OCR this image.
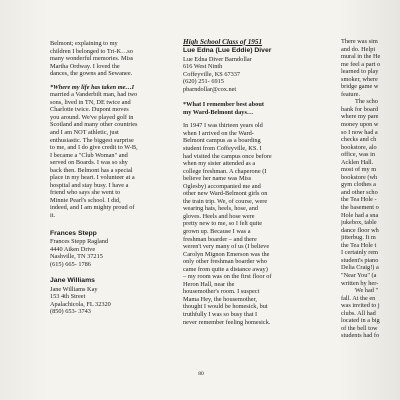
Belmont; explaining to my

children I belonged to Tri-K…so

many wonderful memories. Miss

Martha Ordway. I loved the

dances, the gowns and Sewanee.

*Where my life has taken me…I

married a Vanderbilt man, had two

sons, lived in TN, DE twice and

Charlotte twice. Dupont moves

you around. We've played golf in

Scotland and many other countries

and I am NOT athletic, just

enthusiastic. The biggest surprise

to me, and I do give credit to W-B,

I became a "Club Woman" and

served on Boards. I was so shy

back then. Belmont has a special

place in my heart. I volunteer at a

hospital and stay busy. I have a

friend who says she went to

Minnie Pearl's school. I did,

indeed, and I am mighty proud of

it.

Frances Stepp

Frances Stepp Ragland

4440 Aiken Drive

Nashville, TN 37215

(615) 665- 1786

Jane Williams

Jane Williams Kay

153 4th Street

Apalachicola, FL 32320

(850) 653- 3743

High School Class of 1951

Lue Edna (Lue Eddie) Diver

Lue Edna Diver Barndollar

616 West Ninth

Coffeyville, KS 67337

(620) 251- 6915

pbarndollar@cox.net

*What I remember best about

my Ward-Belmont days…

In 1947 I was thirteen years old

when I arrived on the Ward-

Belmont campus as a boarding

student from Coffeyville, KS. I

had visited the campus once before

when my sister attended as a

college freshman. A chaperone (I

believe her name was Miss

Oglesby) accompanied me and

other new Ward-Belmont girls on

the train trip. We, of course, were

wearing hats, heels, hose, and

gloves. Heels and hose were

pretty new to me, so I felt quite

grown up. Because I was a

freshman boarder – and there

weren't very many of us (I believe

Carolyn Mignon Emerson was the

only other freshman boarder who

came from quite a distance away)

– my room was on the first floor of

Heron Hall, near the

housemother's room. I suspect

Mama Hey, the housemother,

thought I would be homesick, but

truthfully I was so busy that I

never remember feeling homesick.

There was sim

and do. Helpi

mural in the He

me feel a part o

learned to play

smoker, where

bridge game w

feature.

The scho

bank for board

where my pare

money upon w

so I now had a

checks and ch

bookstore, alo

office, was in

Acklen Hall.

most of my m

bookstore (wh

gym clothes a

and other scho

the Tea Hole -

the basement o

Hole had a sna

jukebox, table

dance floor wh

jitterbug. It m

the Tea Hole t

I certainly rem

student's piano

Delia Craig!) a

"Near You" (a

written by her-

We had "

fall. At the en

was invited to j

clubs. All had

located in a big

of the bell tow

students had fo

80
